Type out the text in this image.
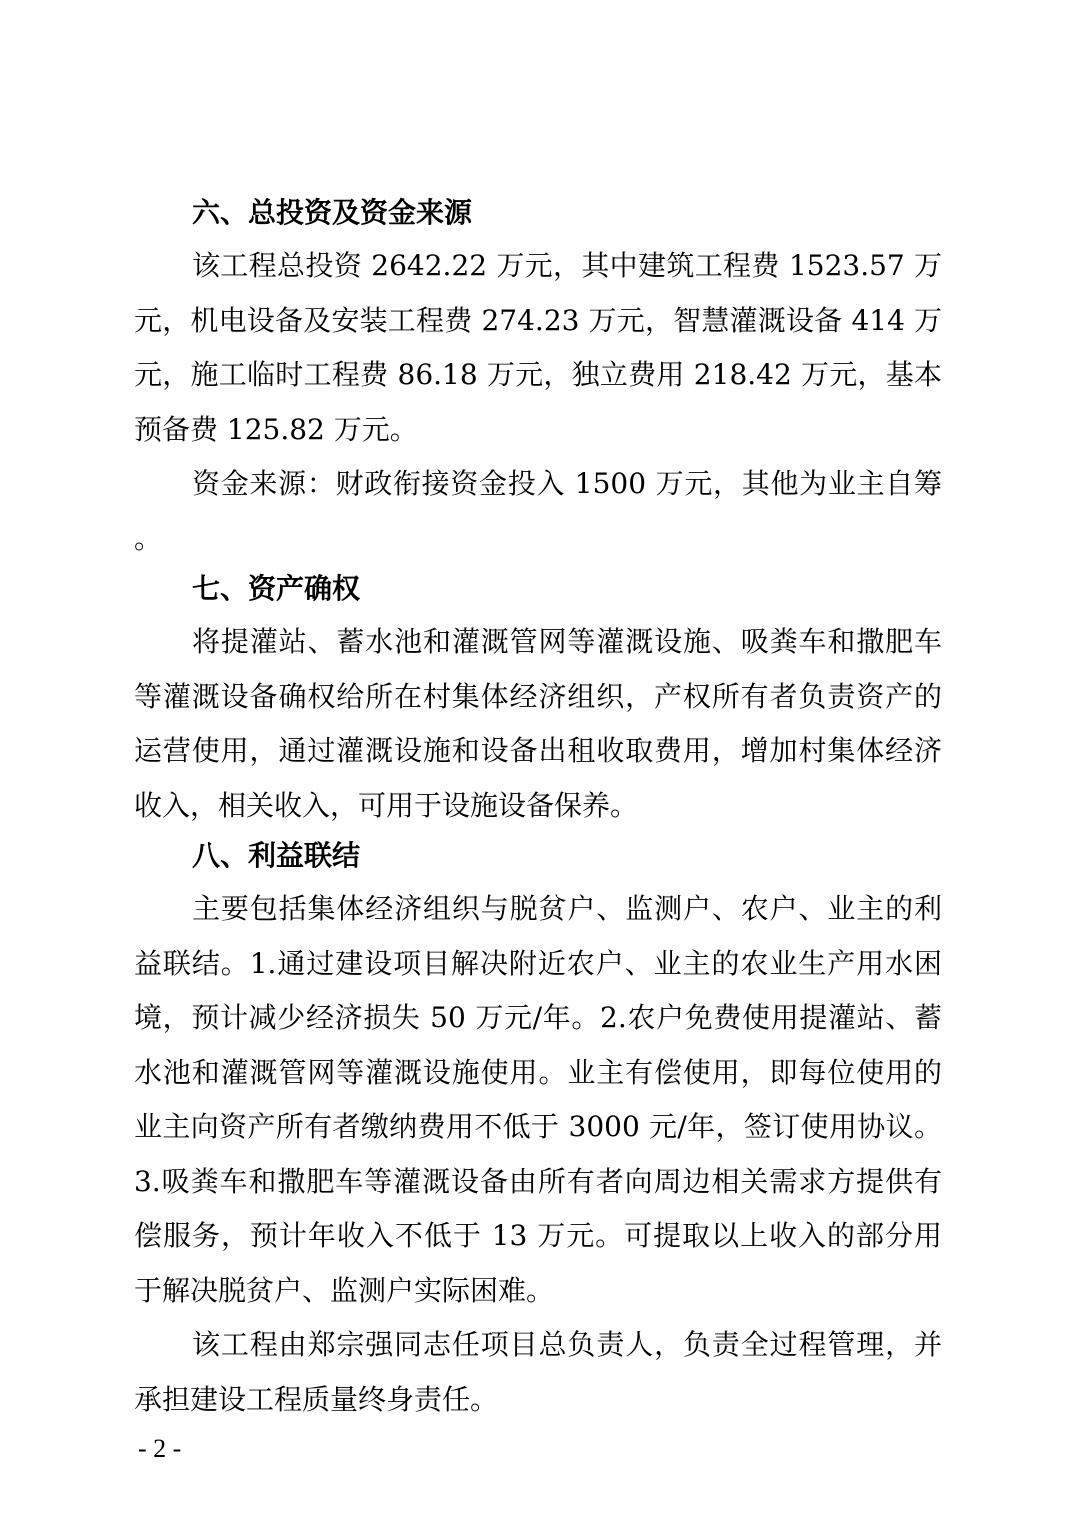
六、总投资及资金来源

该工程总投资 2642.22 万元，其中建筑工程费 1523.57 万元，机电设备及安装工程费 274.23 万元，智慧灌溉设备 414 万元，施工临时工程费 86.18 万元，独立费用 218.42 万元，基本预备费 125.82 万元。

资金来源：财政衔接资金投入 1500 万元，其他为业主自筹。

七、资产确权

将提灌站、蓄水池和灌溉管网等灌溉设施、吸粪车和撒肥车等灌溉设备确权给所在村集体经济组织，产权所有者负责资产的运营使用，通过灌溉设施和设备出租收取费用，增加村集体经济收入，相关收入，可用于设施设备保养。

八、利益联结

主要包括集体经济组织与脱贫户、监测户、农户、业主的利益联结。1.通过建设项目解决附近农户、业主的农业生产用水困境，预计减少经济损失 50 万元/年。2.农户免费使用提灌站、蓄水池和灌溉管网等灌溉设施使用。业主有偿使用，即每位使用的业主向资产所有者缴纳费用不低于 3000 元/年，签订使用协议。3.吸粪车和撒肥车等灌溉设备由所有者向周边相关需求方提供有偿服务，预计年收入不低于 13 万元。可提取以上收入的部分用于解决脱贫户、监测户实际困难。

该工程由郑宗强同志任项目总负责人，负责全过程管理，并承担建设工程质量终身责任。

- 2 -
